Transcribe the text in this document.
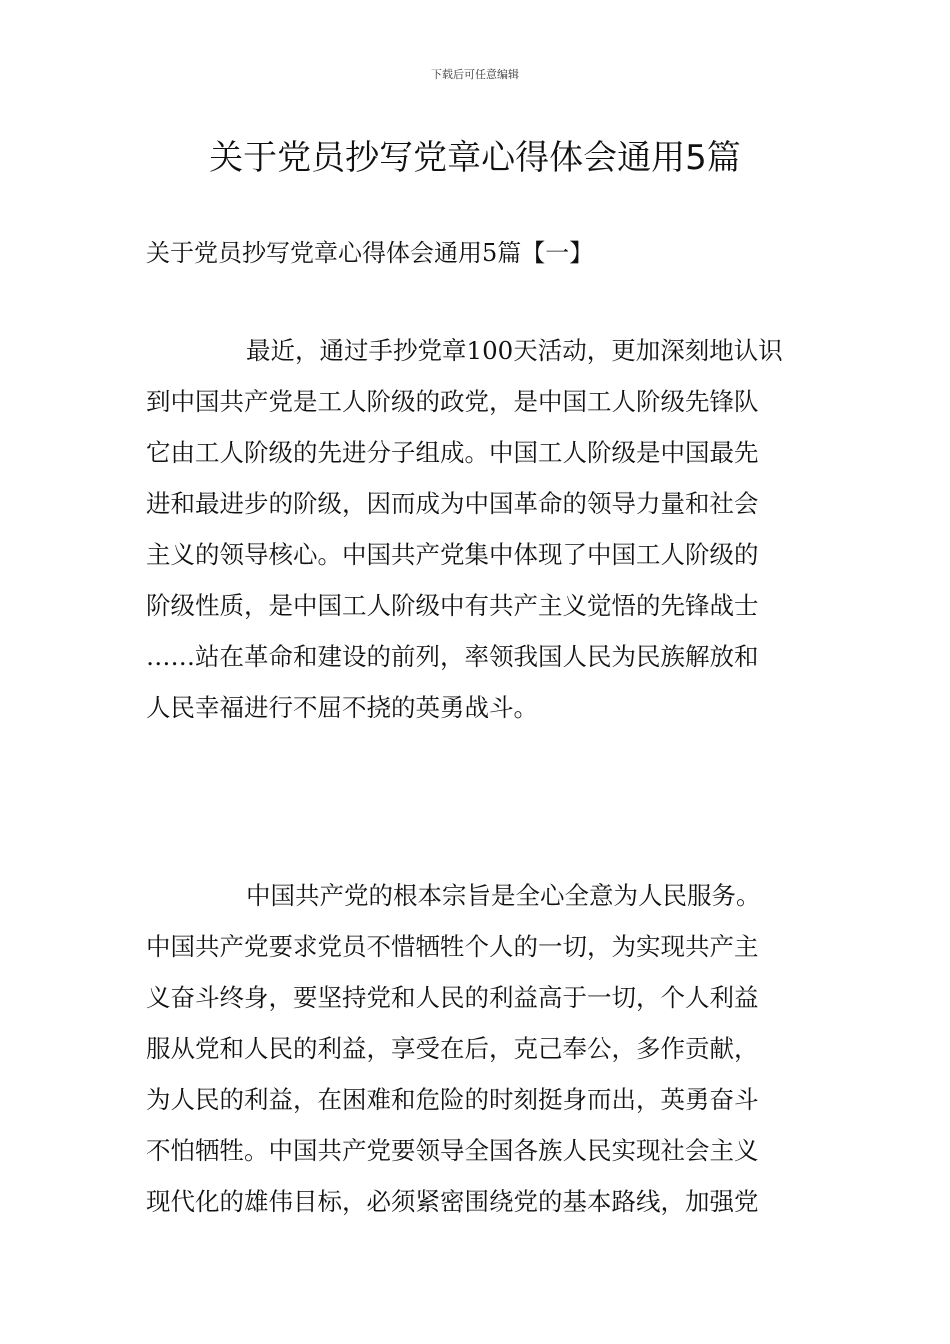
下载后可任意编辑
关于党员抄写党章心得体会通用5篇
关于党员抄写党章心得体会通用5篇【一】
最近，通过手抄党章100天活动，更加深刻地认识
到中国共产党是工人阶级的政党，是中国工人阶级先锋队
它由工人阶级的先进分子组成。中国工人阶级是中国最先
进和最进步的阶级，因而成为中国革命的领导力量和社会
主义的领导核心。中国共产党集中体现了中国工人阶级的
阶级性质，是中国工人阶级中有共产主义觉悟的先锋战士
……站在革命和建设的前列，率领我国人民为民族解放和
人民幸福进行不屈不挠的英勇战斗。
中国共产党的根本宗旨是全心全意为人民服务。
中国共产党要求党员不惜牺牲个人的一切，为实现共产主
义奋斗终身，要坚持党和人民的利益高于一切，个人利益
服从党和人民的利益，享受在后，克己奉公，多作贡献，
为人民的利益，在困难和危险的时刻挺身而出，英勇奋斗
不怕牺牲。中国共产党要领导全国各族人民实现社会主义
现代化的雄伟目标，必须紧密围绕党的基本路线，加强党
